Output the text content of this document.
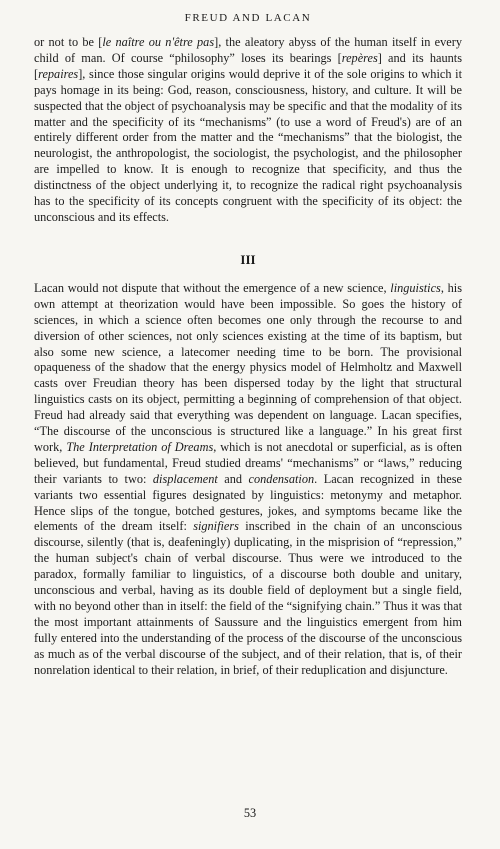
FREUD AND LACAN

or not to be [le naître ou n'être pas], the aleatory abyss of the human itself in every child of man. Of course “philosophy” loses its bearings [repères] and its haunts [repaires], since those singular origins would deprive it of the sole origins to which it pays homage in its being: God, reason, consciousness, history, and culture. It will be suspected that the object of psychoanalysis may be specific and that the modality of its matter and the specificity of its “mechanisms” (to use a word of Freud's) are of an entirely different order from the matter and the “mechanisms” that the biologist, the neurologist, the anthropologist, the sociologist, the psychologist, and the philosopher are impelled to know. It is enough to recognize that specificity, and thus the distinctness of the object underlying it, to recognize the radical right psychoanalysis has to the specificity of its concepts congruent with the specificity of its object: the unconscious and its effects.

III

Lacan would not dispute that without the emergence of a new science, linguistics, his own attempt at theorization would have been impossible. So goes the history of sciences, in which a science often becomes one only through the recourse to and diversion of other sciences, not only sciences existing at the time of its baptism, but also some new science, a latecomer needing time to be born. The provisional opaqueness of the shadow that the energy physics model of Helmholtz and Maxwell casts over Freudian theory has been dispersed today by the light that structural linguistics casts on its object, permitting a beginning of comprehension of that object. Freud had already said that everything was dependent on language. Lacan specifies, “The discourse of the unconscious is structured like a language.” In his great first work, The Interpretation of Dreams, which is not anecdotal or superficial, as is often believed, but fundamental, Freud studied dreams' “mechanisms” or “laws,” reducing their variants to two: displacement and condensation. Lacan recognized in these variants two essential figures designated by linguistics: metonymy and metaphor. Hence slips of the tongue, botched gestures, jokes, and symptoms became like the elements of the dream itself: signifiers inscribed in the chain of an unconscious discourse, silently (that is, deafeningly) duplicating, in the misprision of “repression,” the human subject's chain of verbal discourse. Thus were we introduced to the paradox, formally familiar to linguistics, of a discourse both double and unitary, unconscious and verbal, having as its double field of deployment but a single field, with no beyond other than in itself: the field of the “signifying chain.” Thus it was that the most important attainments of Saussure and the linguistics emergent from him fully entered into the understanding of the process of the discourse of the unconscious as much as of the verbal discourse of the subject, and of their relation, that is, of their nonrelation identical to their relation, in brief, of their reduplication and disjuncture.

53
